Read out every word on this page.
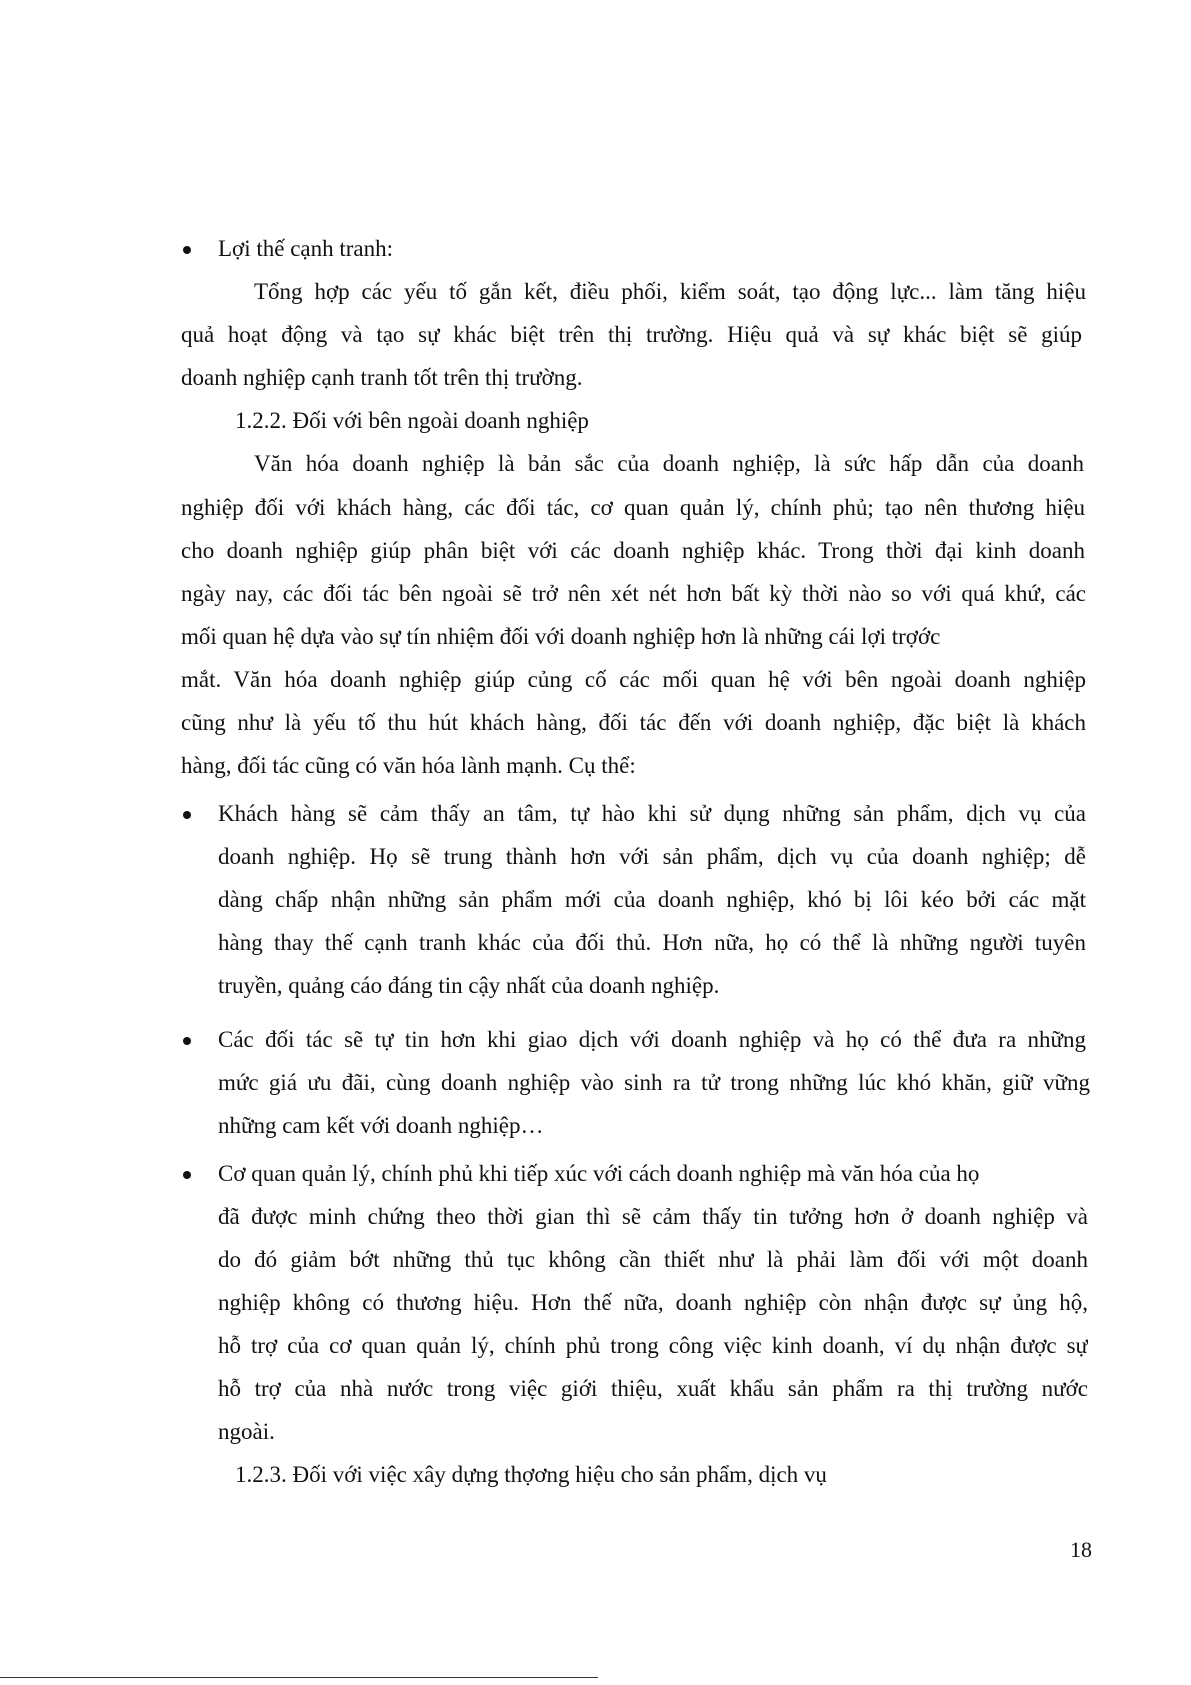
Lợi thế cạnh tranh:
Tổng hợp các yếu tố gắn kết, điều phối, kiểm soát, tạo động lực... làm tăng hiệu
quả hoạt động và tạo sự khác biệt trên thị trường. Hiệu quả và sự khác biệt sẽ giúp
doanh nghiệp cạnh tranh tốt trên thị trường.
1.2.2. Đối với bên ngoài doanh nghiệp
Văn hóa doanh nghiệp là bản sắc của doanh nghiệp, là sức hấp dẫn của doanh
nghiệp đối với khách hàng, các đối tác, cơ quan quản lý, chính phủ; tạo nên thương hiệu
cho doanh nghiệp giúp phân biệt với các doanh nghiệp khác. Trong thời đại kinh doanh
ngày nay, các đối tác bên ngoài sẽ trở nên xét nét hơn bất kỳ thời nào so với quá khứ, các
mối quan hệ dựa vào sự tín nhiệm đối với doanh nghiệp hơn là những cái lợi trợớc
mắt. Văn hóa doanh nghiệp giúp củng cố các mối quan hệ với bên ngoài doanh nghiệp
cũng như là yếu tố thu hút khách hàng, đối tác đến với doanh nghiệp, đặc biệt là khách
hàng, đối tác cũng có văn hóa lành mạnh. Cụ thể:
Khách hàng sẽ cảm thấy an tâm, tự hào khi sử dụng những sản phẩm, dịch vụ của
doanh nghiệp. Họ sẽ trung thành hơn với sản phẩm, dịch vụ của doanh nghiệp; dễ
dàng chấp nhận những sản phẩm mới của doanh nghiệp, khó bị lôi kéo bởi các mặt
hàng thay thế cạnh tranh khác của đối thủ. Hơn nữa, họ có thể là những người tuyên
truyền, quảng cáo đáng tin cậy nhất của doanh nghiệp.
Các đối tác sẽ tự tin hơn khi giao dịch với doanh nghiệp và họ có thể đưa ra những
mức giá ưu đãi, cùng doanh nghiệp vào sinh ra tử trong những lúc khó khăn, giữ vững
những cam kết với doanh nghiệp…
Cơ quan quản lý, chính phủ khi tiếp xúc với cách doanh nghiệp mà văn hóa của họ
đã được minh chứng theo thời gian thì sẽ cảm thấy tin tưởng hơn ở doanh nghiệp và
do đó giảm bớt những thủ tục không cần thiết như là phải làm đối với một doanh
nghiệp không có thương hiệu. Hơn thế nữa, doanh nghiệp còn nhận được sự ủng hộ,
hỗ trợ của cơ quan quản lý, chính phủ trong công việc kinh doanh, ví dụ nhận được sự
hỗ trợ của nhà nước trong việc giới thiệu, xuất khẩu sản phẩm ra thị trường nước
ngoài.
1.2.3. Đối với việc xây dựng thợơng hiệu cho sản phẩm, dịch vụ
18
